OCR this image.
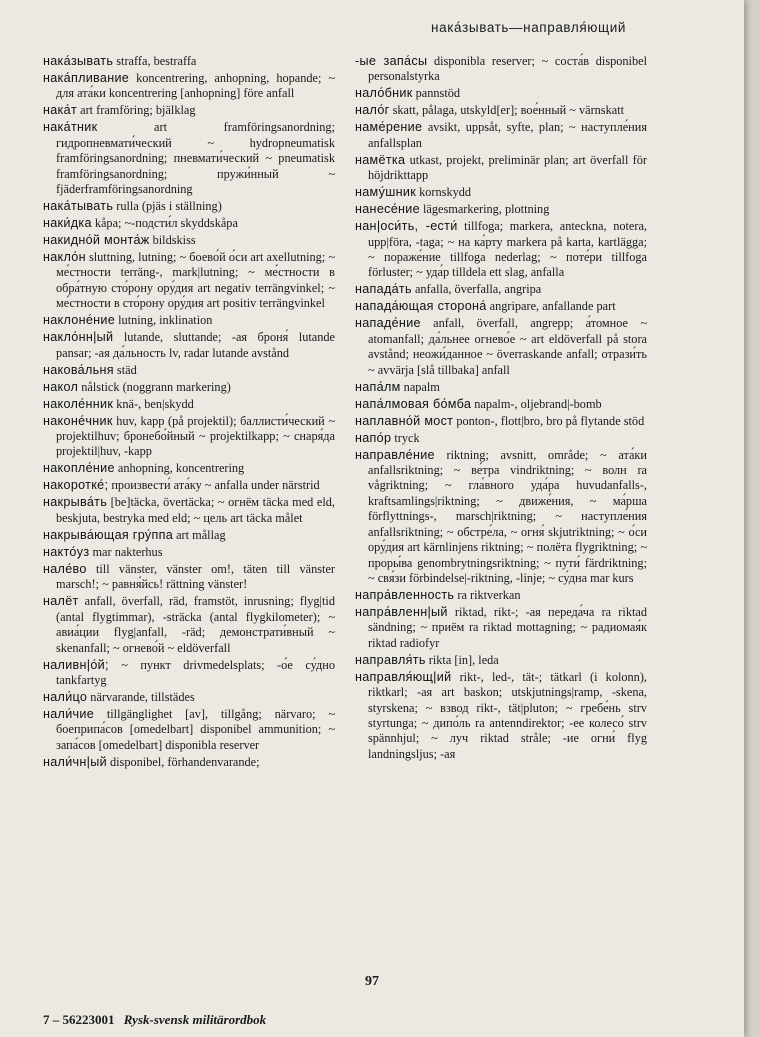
нака́зывать—направля́ющий

нака́зывать straffa, bestraffa

нака́пливание koncentrering, anhopning, hopande; ~ для ата́ки koncentrering [anhopning] före anfall

нака́т art framföring; bjälklag

нака́тник art framföringsanordning; гидропневмати́ческий ~ hydropneumatisk framföringsanordning; пневмати́ческий ~ pneumatisk framföringsanordning; пружи́нный ~ fjäderframföringsanordning

нака́тывать rulla (pjäs i ställning)

наки́дка kåpa; ~-подсти́л skyddskåpa

накидно́й монта́ж bildskiss

накло́н sluttning, lutning; ~ боево́й о́си art axellutning; ~ ме́стности terräng-, mark|lutning; ~ ме́стности в обра́тную сто́рону ору́дия art negativ terrängvinkel; ~ ме́стности в сто́рону ору́дия art positiv terrängvinkel

наклоне́ние lutning, inklination

накло́нн|ый lutande, sluttande; -ая броня́ lutande pansar; -ая да́льность lv, radar lutande avstånd

накова́льня städ

накол nålstick (noggrann markering)

наколе́нник knä-, ben|skydd

наконе́чник huv, kapp (på projektil); баллисти́ческий ~ projektilhuv; бронебо́йный ~ projektilkapp; ~ снаря́да projektil|huv, -kapp

накопле́ние anhopning, koncentrering

накоротке́; произвести́ ата́ку ~ anfalla under närstrid

накрыва́ть [be]täcka, övertäcka; ~ огнём täcka med eld, beskjuta, bestryka med eld; ~ цель art täcka målet

накрыва́ющая гру́ппа art mållag

накто́уз mar nakterhus

нале́во till vänster, vänster om!, täten till vänster marsch!; ~ равня́йсь! rättning vänster!

налёт anfall, överfall, räd, framstöt, inrusning; flyg|tid (antal flygtimmar), -sträcka (antal flygkilometer); ~ авиа́ции flyg|anfall, -räd; демонстрати́вный ~ skenanfall; ~ огнево́й ~ eldöverfall

наливн|о́й; ~ пункт drivmedelsplats; -о́е су́дно tankfartyg

нали́цо närvarande, tillstädes

нали́чие tillgänglighet [av], tillgång; närvaro; ~ боеприпа́сов [omedelbart] disponibel ammunition; ~ запа́сов [omedelbart] disponibla reserver

нали́чн|ый disponibel, förhandenvarande;

-ые запа́сы disponibla reserver; ~ соста́в disponibel personalstyrka

нало́бник pannstöd

нало́г skatt, pålaga, utskyld[er]; вое́нный ~ värnskatt

наме́рение avsikt, uppsåt, syfte, plan; ~ наступле́ния anfallsplan

намётка utkast, projekt, preliminär plan; art överfall för höjdrikttapp

наму́шник kornskydd

нанесе́ние lägesmarkering, plottning

нан|оси́ть, -ести́ tillfoga; markera, anteckna, notera, upp|föra, -taga; ~ на ка́рту markera på karta, kartlägga; ~ пораже́ние tillfoga nederlag; ~ поте́ри tillfoga förluster; ~ уда́р tilldela ett slag, anfalla

напада́ть anfalla, överfalla, angripa

напада́ющая сторона́ angripare, anfallande part

нападе́ние anfall, överfall, angrepp; а́томное ~ atomanfall; да́льнее огнево́е ~ art eldöverfall på stora avstånd; неожи́данное ~ överraskande anfall; отрази́ть ~ avvärja [slå tillbaka] anfall

напа́лм napalm

напа́лмовая бо́мба napalm-, oljebrand|-bomb

наплавно́й мост ponton-, flott|bro, bro på flytande stöd

напо́р tryck

направле́ние riktning; avsnitt, område; ~ ата́ки anfallsriktning; ~ ве́тра vindriktning; ~ волн ra vågriktning; ~ гла́вного уда́ра huvudanfalls-, kraftsamlings|riktning; ~ движе́ния, ~ ма́рша förflyttnings-, marsch|riktning; ~ наступле́ния anfallsriktning; ~ обстре́ла, ~ огня́ skjutriktning; ~ о́си ору́дия art kärnlinjens riktning; ~ полёта flygriktning; ~ проры́ва genombrytningsriktning; ~ пути́ färdriktning; ~ свя́зи förbindelse|-riktning, -linje; ~ су́дна mar kurs

напра́вленность ra riktverkan

напра́вленн|ый riktad, rikt-; -ая переда́ча ra riktad sändning; ~ приём ra riktad mottagning; ~ радиомая́к riktad radiofyr

направля́ть rikta [in], leda

направля́ющ|ий rikt-, led-, tät-; tätkarl (i kolonn), riktkarl; -ая art baskon; utskjutnings|ramp, -skena, styrskena; ~ взвод rikt-, tät|pluton; ~ гребе́нь strv styrtunga; ~ дипо́ль ra antenndirektor; -ее колесо́ strv spännhjul; ~ луч riktad stråle; -ие огни́ flyg landningsljus; -ая

97
7 – 56223001 Rysk-svensk militärordbok
